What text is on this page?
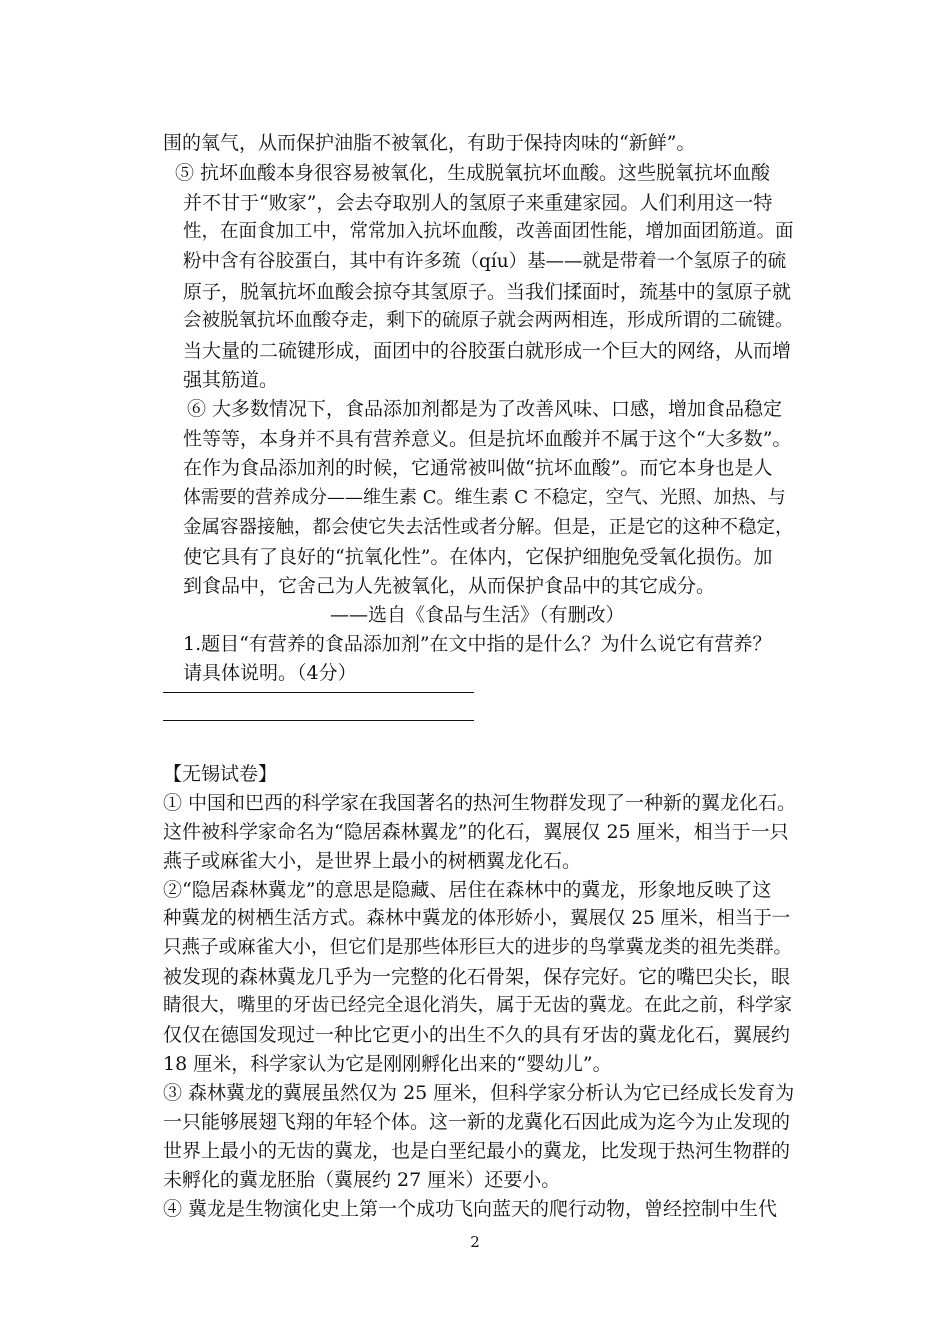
围的氧气，从而保护油脂不被氧化，有助于保持肉味的“新鲜”。
⑤ 抗坏血酸本身很容易被氧化，生成脱氧抗坏血酸。这些脱氧抗坏血酸
并不甘于“败家”，会去夺取别人的氢原子来重建家园。人们利用这一特
性，在面食加工中，常常加入抗坏血酸，改善面团性能，增加面团筋道。面
粉中含有谷胶蛋白，其中有许多巯（qíu）基——就是带着一个氢原子的硫
原子，脱氧抗坏血酸会掠夺其氢原子。当我们揉面时，巯基中的氢原子就
会被脱氧抗坏血酸夺走，剩下的硫原子就会两两相连，形成所谓的二硫键。
当大量的二硫键形成，面团中的谷胶蛋白就形成一个巨大的网络，从而增
强其筋道。
⑥ 大多数情况下，食品添加剂都是为了改善风味、口感，增加食品稳定
性等等，本身并不具有营养意义。但是抗坏血酸并不属于这个“大多数”。
在作为食品添加剂的时候，它通常被叫做“抗坏血酸”。而它本身也是人
体需要的营养成分——维生素 C。维生素 C 不稳定，空气、光照、加热、与
金属容器接触，都会使它失去活性或者分解。但是，正是它的这种不稳定，
使它具有了良好的“抗氧化性”。在体内，它保护细胞免受氧化损伤。加
到食品中，它舍己为人先被氧化，从而保护食品中的其它成分。
——选自《食品与生活》（有删改）
1.题目“有营养的食品添加剂”在文中指的是什么？为什么说它有营养？
请具体说明。（4分）
【无锡试卷】
① 中国和巴西的科学家在我国著名的热河生物群发现了一种新的翼龙化石。
这件被科学家命名为“隐居森林翼龙”的化石，翼展仅 25 厘米，相当于一只
燕子或麻雀大小，是世界上最小的树栖翼龙化石。
②“隐居森林冀龙”的意思是隐藏、居住在森林中的冀龙，形象地反映了这
种冀龙的树栖生活方式。森林中冀龙的体形娇小，翼展仅 25 厘米，相当于一
只燕子或麻雀大小，但它们是那些体形巨大的进步的鸟掌冀龙类的祖先类群。
被发现的森林冀龙几乎为一完整的化石骨架，保存完好。它的嘴巴尖长，眼
睛很大，嘴里的牙齿已经完全退化消失，属于无齿的冀龙。在此之前，科学家
仅仅在德国发现过一种比它更小的出生不久的具有牙齿的冀龙化石，翼展约
18 厘米，科学家认为它是刚刚孵化出来的“婴幼儿”。
③ 森林冀龙的冀展虽然仅为 25 厘米，但科学家分析认为它已经成长发育为
一只能够展翅飞翔的年轻个体。这一新的龙冀化石因此成为迄今为止发现的
世界上最小的无齿的冀龙，也是白垩纪最小的冀龙，比发现于热河生物群的
未孵化的冀龙胚胎（冀展约 27 厘米）还要小。
④ 冀龙是生物演化史上第一个成功飞向蓝天的爬行动物，曾经控制中生代
2
